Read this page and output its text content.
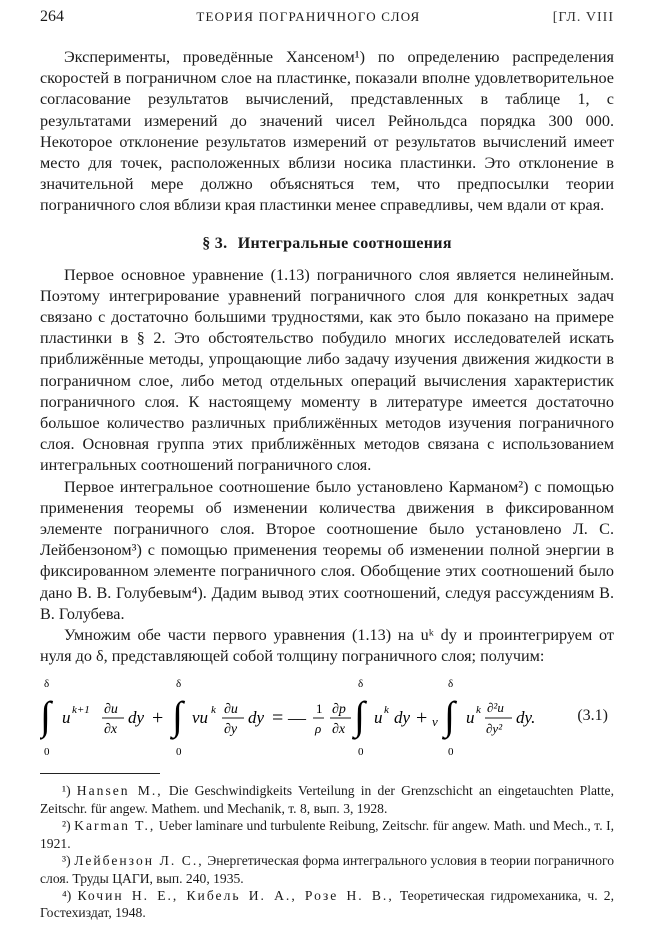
264	ТЕОРИЯ ПОГРАНИЧНОГО СЛОЯ	[ГЛ. VIII

Эксперименты, проведённые Хансеном¹) по определению распределения скоростей в пограничном слое на пластинке, показали вполне удовлетворительное согласование результатов вычислений, представленных в таблице 1, с результатами измерений до значений чисел Рейнольдса порядка 300 000. Некоторое отклонение результатов измерений от результатов вычислений имеет место для точек, расположенных вблизи носика пластинки. Это отклонение в значительной мере должно объясняться тем, что предпосылки теории пограничного слоя вблизи края пластинки менее справедливы, чем вдали от края.

§ 3. Интегральные соотношения

Первое основное уравнение (1.13) пограничного слоя является нелинейным. Поэтому интегрирование уравнений пограничного слоя для конкретных задач связано с достаточно большими трудностями, как это было показано на примере пластинки в § 2. Это обстоятельство побудило многих исследователей искать приближённые методы, упрощающие либо задачу изучения движения жидкости в пограничном слое, либо метод отдельных операций вычисления характеристик пограничного слоя. К настоящему моменту в литературе имеется достаточно большое количество различных приближённых методов изучения пограничного слоя. Основная группа этих приближённых методов связана с использованием интегральных соотношений пограничного слоя.

Первое интегральное соотношение было установлено Карманом²) с помощью применения теоремы об изменении количества движения в фиксированном элементе пограничного слоя. Второе соотношение было установлено Л. С. Лейбензоном³) с помощью применения теоремы об изменении полной энергии в фиксированном элементе пограничного слоя. Обобщение этих соотношений было дано В. В. Голубевым⁴). Дадим вывод этих соотношений, следуя рассуждениям В. В. Голубева.

Умножим обе части первого уравнения (1.13) на uᵏ dy и проинтегрируем от нуля до δ, представляющей собой толщину пограничного слоя; получим:

∫
δ
0
u k+1 ∂u
∂x
dy + ∫
δ
0
vu k ∂u
∂y
dy = — 1
ρ
∂p
∂x ∫
δ
0
u k dy + ν ∫
δ
0
u k ∂²u
∂y²
dy.	(3.1)

¹) Hansen M., Die Geschwindigkeits Verteilung in der Grenzschicht an eingetauchten Platte, Zeitschr. für angew. Mathem. und Mechanik, т. 8, вып. 3, 1928.

²) Karman T., Ueber laminare und turbulente Reibung, Zeitschr. für angew. Math. und Mech., т. I, 1921.

³) Лейбензон Л. С., Энергетическая форма интегрального условия в теории пограничного слоя. Труды ЦАГИ, вып. 240, 1935.

⁴) Кочин Н. Е., Кибель И. А., Розе Н. В., Теоретическая гидромеханика, ч. 2, Гостехиздат, 1948.
